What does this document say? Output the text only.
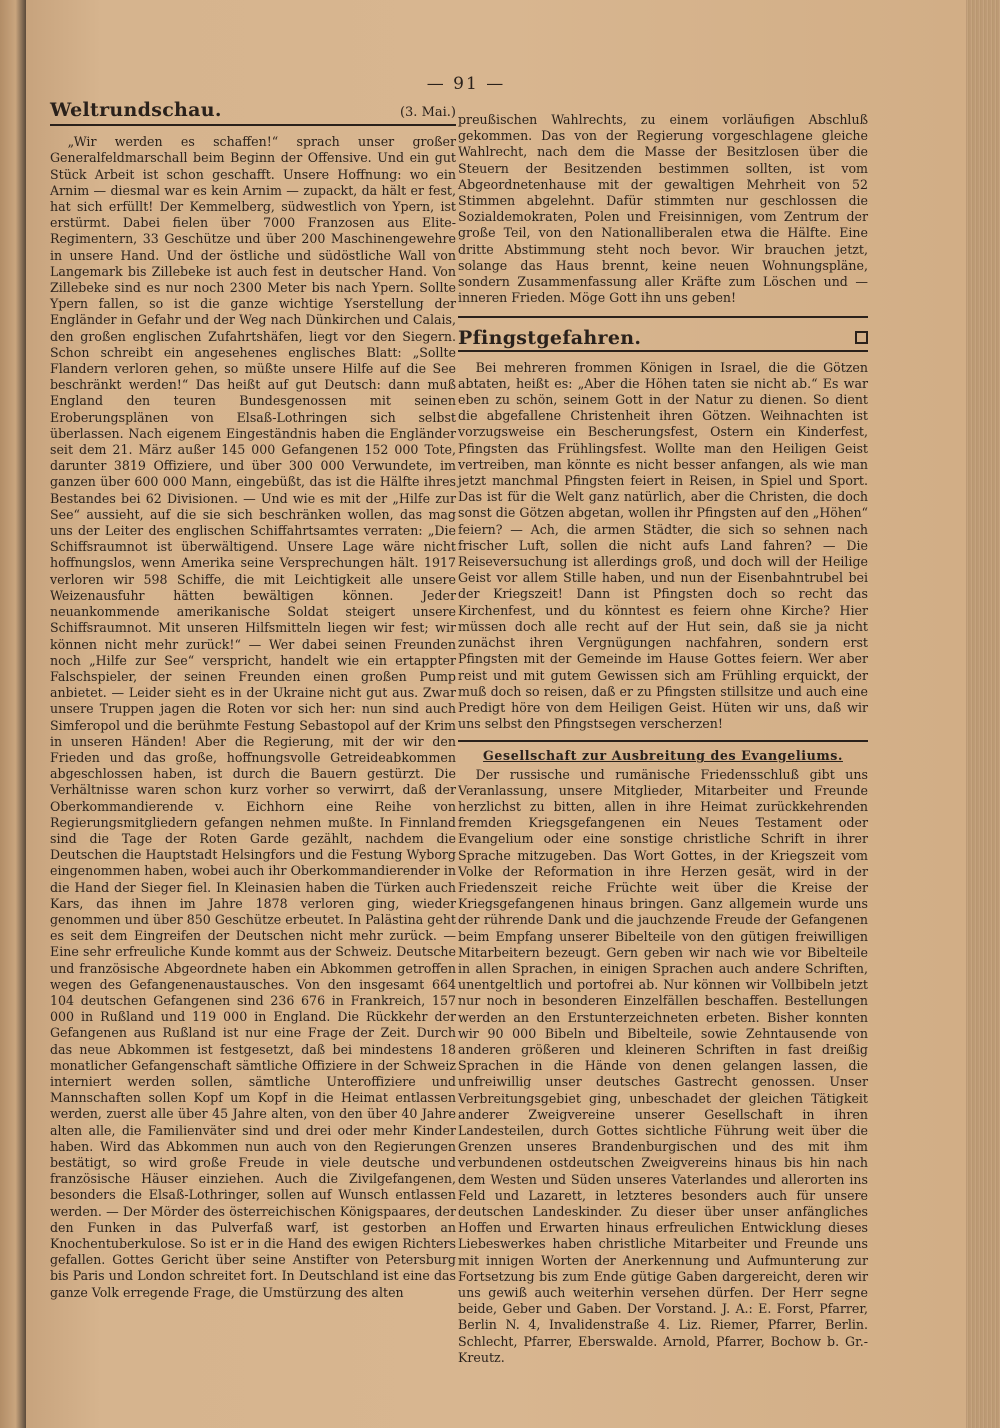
— 91 —
Weltrundschau.	(3. Mai.)

„Wir werden es schaffen!“ sprach unser großer Generalfeldmarschall beim Beginn der Offensive. Und ein gut Stück Arbeit ist schon geschafft. Unsere Hoffnung: wo ein Arnim — diesmal war es kein Arnim — zupackt, da hält er fest, hat sich erfüllt! Der Kemmelberg, südwestlich von Ypern, ist erstürmt. Dabei fielen über 7000 Franzosen aus Elite-Regimentern, 33 Geschütze und über 200 Maschinengewehre in unsere Hand. Und der östliche und südöstliche Wall von Langemark bis Zillebeke ist auch fest in deutscher Hand. Von Zillebeke sind es nur noch 2300 Meter bis nach Ypern. Sollte Ypern fallen, so ist die ganze wichtige Yserstellung der Engländer in Gefahr und der Weg nach Dünkirchen und Calais, den großen englischen Zufahrtshäfen, liegt vor den Siegern. Schon schreibt ein angesehenes englisches Blatt: „Sollte Flandern verloren gehen, so müßte unsere Hilfe auf die See beschränkt werden!“ Das heißt auf gut Deutsch: dann muß England den teuren Bundesgenossen mit seinen Eroberungsplänen von Elsaß-Lothringen sich selbst überlassen. Nach eigenem Eingeständnis haben die Engländer seit dem 21. März außer 145 000 Gefangenen 152 000 Tote, darunter 3819 Offiziere, und über 300 000 Verwundete, im ganzen über 600 000 Mann, eingebüßt, das ist die Hälfte ihres Bestandes bei 62 Divisionen. — Und wie es mit der „Hilfe zur See“ aussieht, auf die sie sich beschränken wollen, das mag uns der Leiter des englischen Schiffahrtsamtes verraten: „Die Schiffsraumnot ist überwältigend. Unsere Lage wäre nicht hoffnungslos, wenn Amerika seine Versprechungen hält. 1917 verloren wir 598 Schiffe, die mit Leichtigkeit alle unsere Weizenausfuhr hätten bewältigen können. Jeder neuankommende amerikanische Soldat steigert unsere Schiffsraumnot. Mit unseren Hilfsmitteln liegen wir fest; wir können nicht mehr zurück!“ — Wer dabei seinen Freunden noch „Hilfe zur See“ verspricht, handelt wie ein ertappter Falschspieler, der seinen Freunden einen großen Pump anbietet. — Leider sieht es in der Ukraine nicht gut aus. Zwar unsere Truppen jagen die Roten vor sich her: nun sind auch Simferopol und die berühmte Festung Sebastopol auf der Krim in unseren Händen! Aber die Regierung, mit der wir den Frieden und das große, hoffnungsvolle Getreideabkommen abgeschlossen haben, ist durch die Bauern gestürzt. Die Verhältnisse waren schon kurz vorher so verwirrt, daß der Oberkommandierende v. Eichhorn eine Reihe von Regierungsmitgliedern gefangen nehmen mußte. In Finnland sind die Tage der Roten Garde gezählt, nachdem die Deutschen die Hauptstadt Helsingfors und die Festung Wyborg eingenommen haben, wobei auch ihr Oberkommandierender in die Hand der Sieger fiel. In Kleinasien haben die Türken auch Kars, das ihnen im Jahre 1878 verloren ging, wieder genommen und über 850 Geschütze erbeutet. In Palästina geht es seit dem Eingreifen der Deutschen nicht mehr zurück. — Eine sehr erfreuliche Kunde kommt aus der Schweiz. Deutsche und französische Abgeordnete haben ein Abkommen getroffen wegen des Gefangenenaustausches. Von den insgesamt 664 104 deutschen Gefangenen sind 236 676 in Frankreich, 157 000 in Rußland und 119 000 in England. Die Rückkehr der Gefangenen aus Rußland ist nur eine Frage der Zeit. Durch das neue Abkommen ist festgesetzt, daß bei mindestens 18 monatlicher Gefangenschaft sämtliche Offiziere in der Schweiz interniert werden sollen, sämtliche Unteroffiziere und Mannschaften sollen Kopf um Kopf in die Heimat entlassen werden, zuerst alle über 45 Jahre alten, von den über 40 Jahre alten alle, die Familienväter sind und drei oder mehr Kinder haben. Wird das Abkommen nun auch von den Regierungen bestätigt, so wird große Freude in viele deutsche und französische Häuser einziehen. Auch die Zivilgefangenen, besonders die Elsaß-Lothringer, sollen auf Wunsch entlassen werden. — Der Mörder des österreichischen Königspaares, der den Funken in das Pulverfaß warf, ist gestorben an Knochentuberkulose. So ist er in die Hand des ewigen Richters gefallen. Gottes Gericht über seine Anstifter von Petersburg bis Paris und London schreitet fort. In Deutschland ist eine das ganze Volk erregende Frage, die Umstürzung des alten

preußischen Wahlrechts, zu einem vorläufigen Abschluß gekommen. Das von der Regierung vorgeschlagene gleiche Wahlrecht, nach dem die Masse der Besitzlosen über die Steuern der Besitzenden bestimmen sollten, ist vom Abgeordnetenhause mit der gewaltigen Mehrheit von 52 Stimmen abgelehnt. Dafür stimmten nur geschlossen die Sozialdemokraten, Polen und Freisinnigen, vom Zentrum der große Teil, von den Nationalliberalen etwa die Hälfte. Eine dritte Abstimmung steht noch bevor. Wir brauchen jetzt, solange das Haus brennt, keine neuen Wohnungspläne, sondern Zusammenfassung aller Kräfte zum Löschen und — inneren Frieden. Möge Gott ihn uns geben!

Pfingstgefahren.

Bei mehreren frommen Königen in Israel, die die Götzen abtaten, heißt es: „Aber die Höhen taten sie nicht ab.“ Es war eben zu schön, seinem Gott in der Natur zu dienen. So dient die abgefallene Christenheit ihren Götzen. Weihnachten ist vorzugsweise ein Bescherungsfest, Ostern ein Kinderfest, Pfingsten das Frühlingsfest. Wollte man den Heiligen Geist vertreiben, man könnte es nicht besser anfangen, als wie man jetzt manchmal Pfingsten feiert in Reisen, in Spiel und Sport. Das ist für die Welt ganz natürlich, aber die Christen, die doch sonst die Götzen abgetan, wollen ihr Pfingsten auf den „Höhen“ feiern? — Ach, die armen Städter, die sich so sehnen nach frischer Luft, sollen die nicht aufs Land fahren? — Die Reiseversuchung ist allerdings groß, und doch will der Heilige Geist vor allem Stille haben, und nun der Eisenbahntrubel bei der Kriegszeit! Dann ist Pfingsten doch so recht das Kirchenfest, und du könntest es feiern ohne Kirche? Hier müssen doch alle recht auf der Hut sein, daß sie ja nicht zunächst ihren Vergnügungen nachfahren, sondern erst Pfingsten mit der Gemeinde im Hause Gottes feiern. Wer aber reist und mit gutem Gewissen sich am Frühling erquickt, der muß doch so reisen, daß er zu Pfingsten stillsitze und auch eine Predigt höre von dem Heiligen Geist. Hüten wir uns, daß wir uns selbst den Pfingstsegen verscherzen!

Gesellschaft zur Ausbreitung des Evangeliums.

Der russische und rumänische Friedensschluß gibt uns Veranlassung, unsere Mitglieder, Mitarbeiter und Freunde herzlichst zu bitten, allen in ihre Heimat zurückkehrenden fremden Kriegsgefangenen ein Neues Testament oder Evangelium oder eine sonstige christliche Schrift in ihrer Sprache mitzugeben. Das Wort Gottes, in der Kriegszeit vom Volke der Reformation in ihre Herzen gesät, wird in der Friedenszeit reiche Früchte weit über die Kreise der Kriegsgefangenen hinaus bringen. Ganz allgemein wurde uns der rührende Dank und die jauchzende Freude der Gefangenen beim Empfang unserer Bibelteile von den gütigen freiwilligen Mitarbeitern bezeugt. Gern geben wir nach wie vor Bibelteile in allen Sprachen, in einigen Sprachen auch andere Schriften, unentgeltlich und portofrei ab. Nur können wir Vollbibeln jetzt nur noch in besonderen Einzelfällen beschaffen. Bestellungen werden an den Erstunterzeichneten erbeten. Bisher konnten wir 90 000 Bibeln und Bibelteile, sowie Zehntausende von anderen größeren und kleineren Schriften in fast dreißig Sprachen in die Hände von denen gelangen lassen, die unfreiwillig unser deutsches Gastrecht genossen. Unser Verbreitungsgebiet ging, unbeschadet der gleichen Tätigkeit anderer Zweigvereine unserer Gesellschaft in ihren Landesteilen, durch Gottes sichtliche Führung weit über die Grenzen unseres Brandenburgischen und des mit ihm verbundenen ostdeutschen Zweigvereins hinaus bis hin nach dem Westen und Süden unseres Vaterlandes und allerorten ins Feld und Lazarett, in letzteres besonders auch für unsere deutschen Landeskinder. Zu dieser über unser anfängliches Hoffen und Erwarten hinaus erfreulichen Entwicklung dieses Liebeswerkes haben christliche Mitarbeiter und Freunde uns mit innigen Worten der Anerkennung und Aufmunterung zur Fortsetzung bis zum Ende gütige Gaben dargereicht, deren wir uns gewiß auch weiterhin versehen dürfen. Der Herr segne beide, Geber und Gaben. Der Vorstand. J. A.: E. Forst, Pfarrer, Berlin N. 4, Invalidenstraße 4. Liz. Riemer, Pfarrer, Berlin. Schlecht, Pfarrer, Eberswalde. Arnold, Pfarrer, Bochow b. Gr.-Kreutz.
